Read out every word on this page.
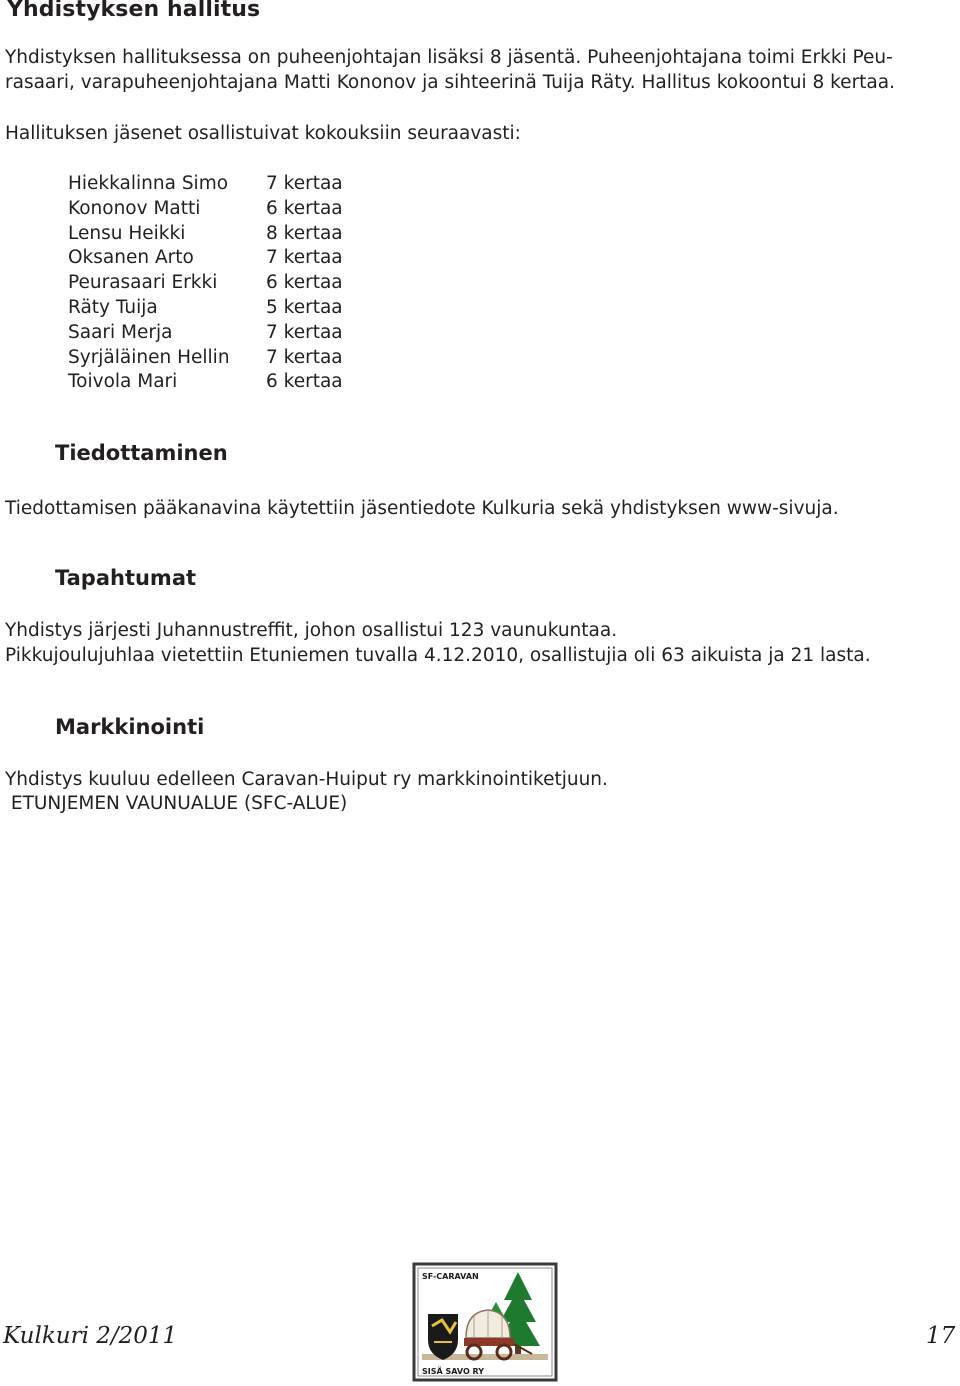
Yhdistyksen hallitus
Yhdistyksen hallituksessa on puheenjohtajan lisäksi 8 jäsentä. Puheenjohtajana toimi Erkki Peu-
rasaari, varapuheenjohtajana Matti Kononov ja sihteerinä Tuija Räty. Hallitus kokoontui 8 kertaa.
Hallituksen jäsenet osallistuivat kokouksiin seuraavasti:
Hiekkalinna Simo	7 kertaa
Kononov Matti	6 kertaa
Lensu Heikki	8 kertaa
Oksanen Arto	7 kertaa
Peurasaari Erkki	6 kertaa
Räty Tuija	5 kertaa
Saari Merja	7 kertaa
Syrjäläinen Hellin	7 kertaa
Toivola Mari	6 kertaa
Tiedottaminen
Tiedottamisen pääkanavina käytettiin jäsentiedote Kulkuria sekä yhdistyksen www-sivuja.
Tapahtumat
Yhdistys järjesti Juhannustreffit, johon osallistui 123 vaunukuntaa.
Pikkujoulujuhlaa vietettiin Etuniemen tuvalla 4.12.2010, osallistujia oli 63 aikuista ja 21 lasta.
Markkinointi
Yhdistys kuuluu edelleen Caravan-Huiput ry markkinointiketjuun.
ETUNJEMEN VAUNUALUE (SFC-ALUE)
Kulkuri 2/2011	17
SF-CARAVAN
SISÄ SAVO RY
